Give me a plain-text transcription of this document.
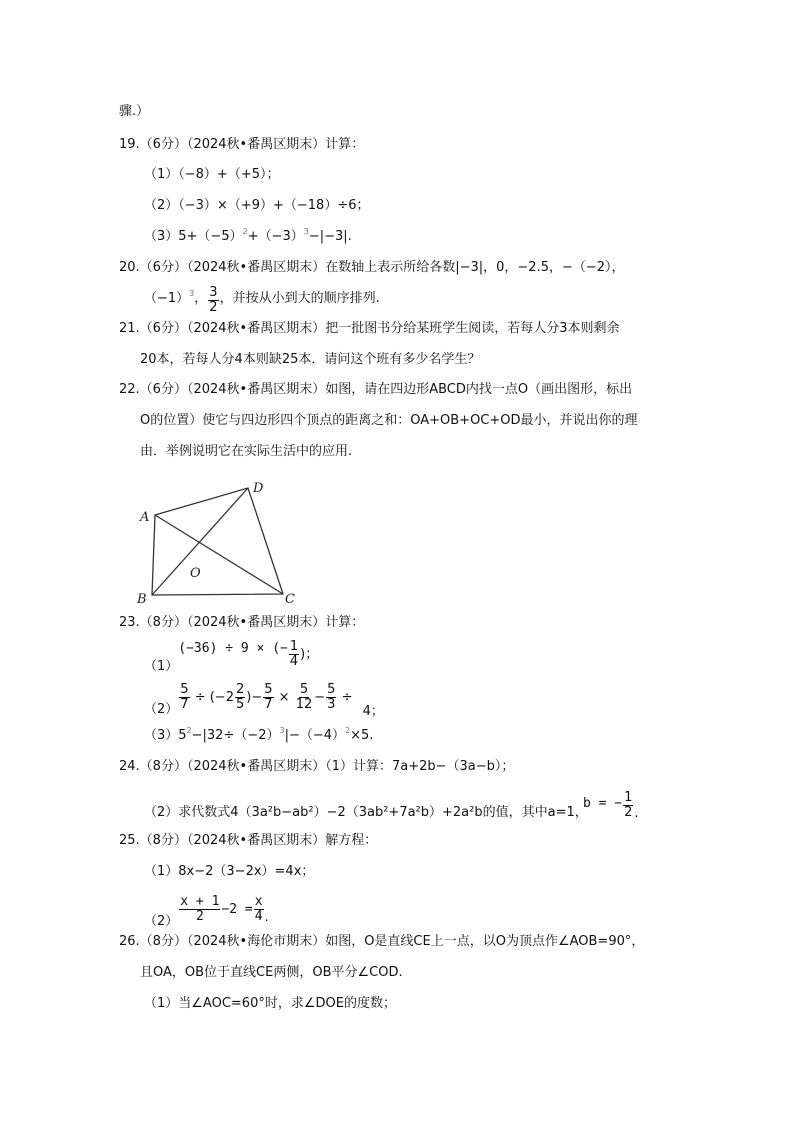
骤.）
19.（6分）（2024秋•番禺区期末）计算：
（1）（−8）+（+5）；
（2）（−3）×（+9）+（−18）÷6；
$(3)5+(-5)^2+(-3)^3-|-3|$.
20.（6分）（2024秋•番禺区期末）在数轴上表示所给各数|−3|，0，−2.5，−（−2），
$(-1)^3$， $\frac{3}{2}$ ，并按从小到大的顺序排列.
21.（6分）（2024秋•番禺区期末）把一批图书分给某班学生阅读，若每人分3本则剩余
20本，若每人分4本则缺25本．请问这个班有多少名学生？
22.（6分）（2024秋•番禺区期末）如图，请在四边形ABCD内找一点O（画出图形，标出
O的位置）使它与四边形四个顶点的距离之和：OA+OB+OC+OD最小，并说出你的理
由．举例说明它在实际生活中的应用.
A
D
B	C
O
23.（8分）（2024秋•番禺区期末）计算：
（1）(−36) ÷ 9 × (− $\frac{1}{4}$ )；
$(2) \frac{5}{7} \div (-2 \frac{2}{5}$ )− $\frac{5}{7} \times \frac{5}{12} - \frac{5}{3} \div 4$；
$(3)5^2-|32\div(-2)^3|-(-4)^2\times 5$.
24.（8分）（2024秋•番禺区期末）（1）计算：7a+2b−（3a−b）；
（2）求代数式4（3a²b−ab²）−2（3ab²+7a²b）+2a²b的值，其中a=1，
b = − $\frac{1}{2}$ .
25.（8分）（2024秋•番禺区期末）解方程：
（1）8x−2（3−2x）=4x；
$(2) \frac{x + 1}{2} -2 = \frac{x}{4}$ .
26.（8分）（2024秋•海伦市期末）如图，O是直线CE上一点，以O为顶点作∠AOB=90°，
且OA，OB位于直线CE两侧，OB平分∠COD.
（1）当∠AOC=60°时，求∠DOE的度数；
